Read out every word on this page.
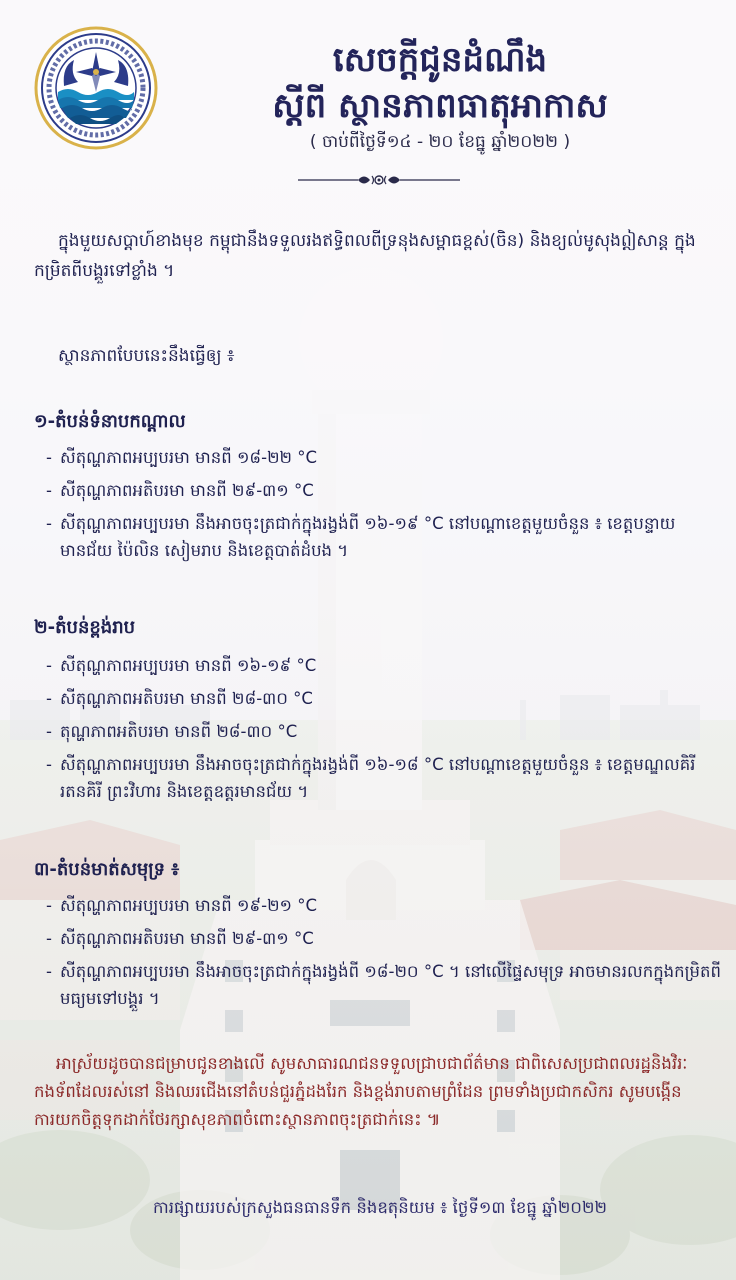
សេចក្តីជូនដំណឹង
ស្តីពី ស្ថានភាពធាតុអាកាស
( ចាប់ពីថ្ងៃទី១៤ - ២០ ខែធ្នូ ឆ្នាំ២០២២ )

ក្នុងមួយសប្តាហ៍ខាងមុខ កម្ពុជានឹងទទួលរងឥទ្ធិពលពីទ្រនុងសម្ពាធខ្ពស់(ចិន) និងខ្យល់មូសុងឦសាន្ត ក្នុងកម្រិតពីបង្គួរទៅខ្លាំង ។

ស្ថានភាពបែបនេះនឹងធ្វើឲ្យ ៖

១-តំបន់ទំនាបកណ្តាល
- សីតុណ្ហភាពអប្បបរមា មានពី ១៨-២២ °C
- សីតុណ្ហភាពអតិបរមា មានពី ២៩-៣១ °C
- សីតុណ្ហភាពអប្បបរមា នឹងអាចចុះត្រជាក់ក្នុងរង្វង់ពី ១៦-១៩ °C នៅបណ្តាខេត្តមួយចំនួន ៖ ខេត្តបន្ទាយមានជ័យ ប៉ៃលិន សៀមរាប និងខេត្តបាត់ដំបង ។
២-តំបន់ខ្ពង់រាប
- សីតុណ្ហភាពអប្បបរមា មានពី ១៦-១៩ °C
- សីតុណ្ហភាពអតិបរមា មានពី ២៨-៣០ °C
- តុណ្ហភាពអតិបរមា មានពី ២៨-៣០ °C
- សីតុណ្ហភាពអប្បបរមា នឹងអាចចុះត្រជាក់ក្នុងរង្វង់ពី ១៦-១៨ °C នៅបណ្តាខេត្តមួយចំនួន ៖ ខេត្តមណ្ឌលគិរី រតនគិរី ព្រះវិហារ និងខេត្តឧត្តរមានជ័យ ។
៣-តំបន់មាត់សមុទ្រ ៖
- សីតុណ្ហភាពអប្បបរមា មានពី ១៩-២១ °C
- សីតុណ្ហភាពអតិបរមា មានពី ២៩-៣១ °C
- សីតុណ្ហភាពអប្បបរមា នឹងអាចចុះត្រជាក់ក្នុងរង្វង់ពី ១៨-២០ °C ។ នៅលើផ្ទៃសមុទ្រ អាចមានរលកក្នុងកម្រិតពីមធ្យមទៅបង្គួរ ។

អាស្រ័យដូចបានជម្រាបជូនខាងលើ សូមសាធារណជនទទួលជ្រាបជាព័ត៌មាន ជាពិសេសប្រជាពលរដ្ឋនិងវិរៈកងទ័ពដែលរស់នៅ និងឈរជើងនៅតំបន់ជួរភ្នំដងរែក និងខ្ពង់រាបតាមព្រំដែន ព្រមទាំងប្រជាកសិករ សូមបង្កើនការយកចិត្តទុកដាក់ថែរក្សាសុខភាពចំពោះស្ថានភាពចុះត្រជាក់នេះ ៕

ការផ្សាយរបស់ក្រសួងធនធានទឹក និងឧតុនិយម ៖ ថ្ងៃទី១៣ ខែធ្នូ ឆ្នាំ២០២២
